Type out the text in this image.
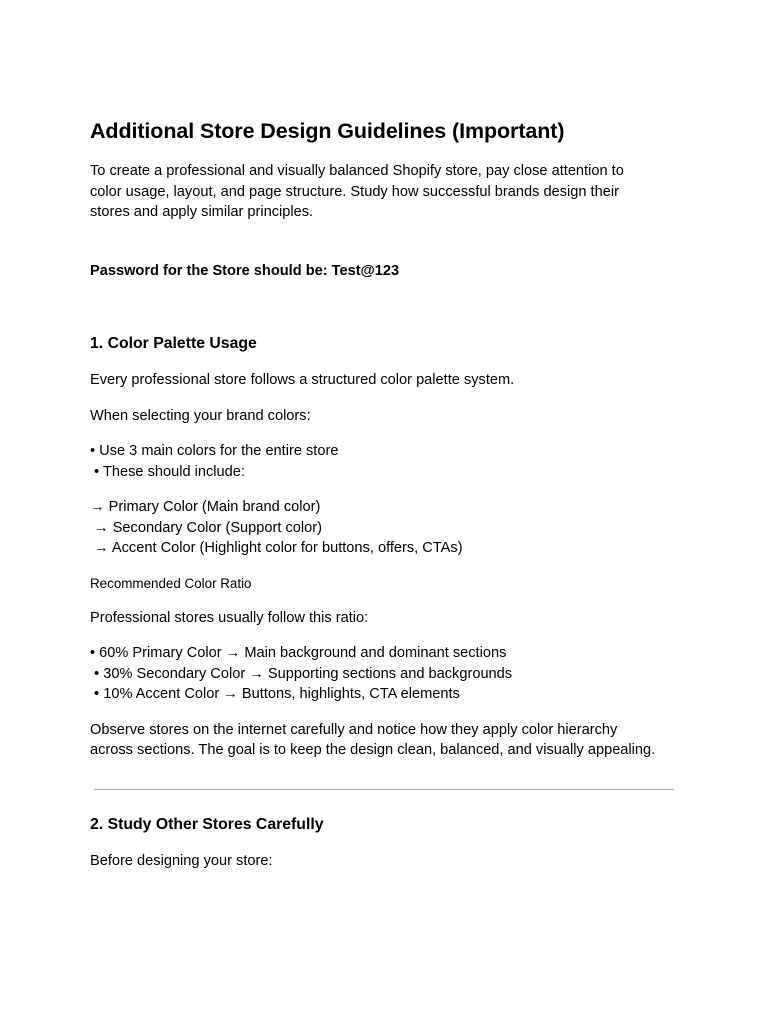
Additional Store Design Guidelines (Important)

To create a professional and visually balanced Shopify store, pay close attention to
color usage, layout, and page structure. Study how successful brands design their
stores and apply similar principles.

Password for the Store should be: Test@123

1. Color Palette Usage

Every professional store follows a structured color palette system.

When selecting your brand colors:

• Use 3 main colors for the entire store
• These should include:

→ Primary Color (Main brand color)
→ Secondary Color (Support color)
→ Accent Color (Highlight color for buttons, offers, CTAs)

Recommended Color Ratio

Professional stores usually follow this ratio:

• 60% Primary Color → Main background and dominant sections
• 30% Secondary Color → Supporting sections and backgrounds
• 10% Accent Color → Buttons, highlights, CTA elements

Observe stores on the internet carefully and notice how they apply color hierarchy
across sections. The goal is to keep the design clean, balanced, and visually appealing.

2. Study Other Stores Carefully

Before designing your store:
